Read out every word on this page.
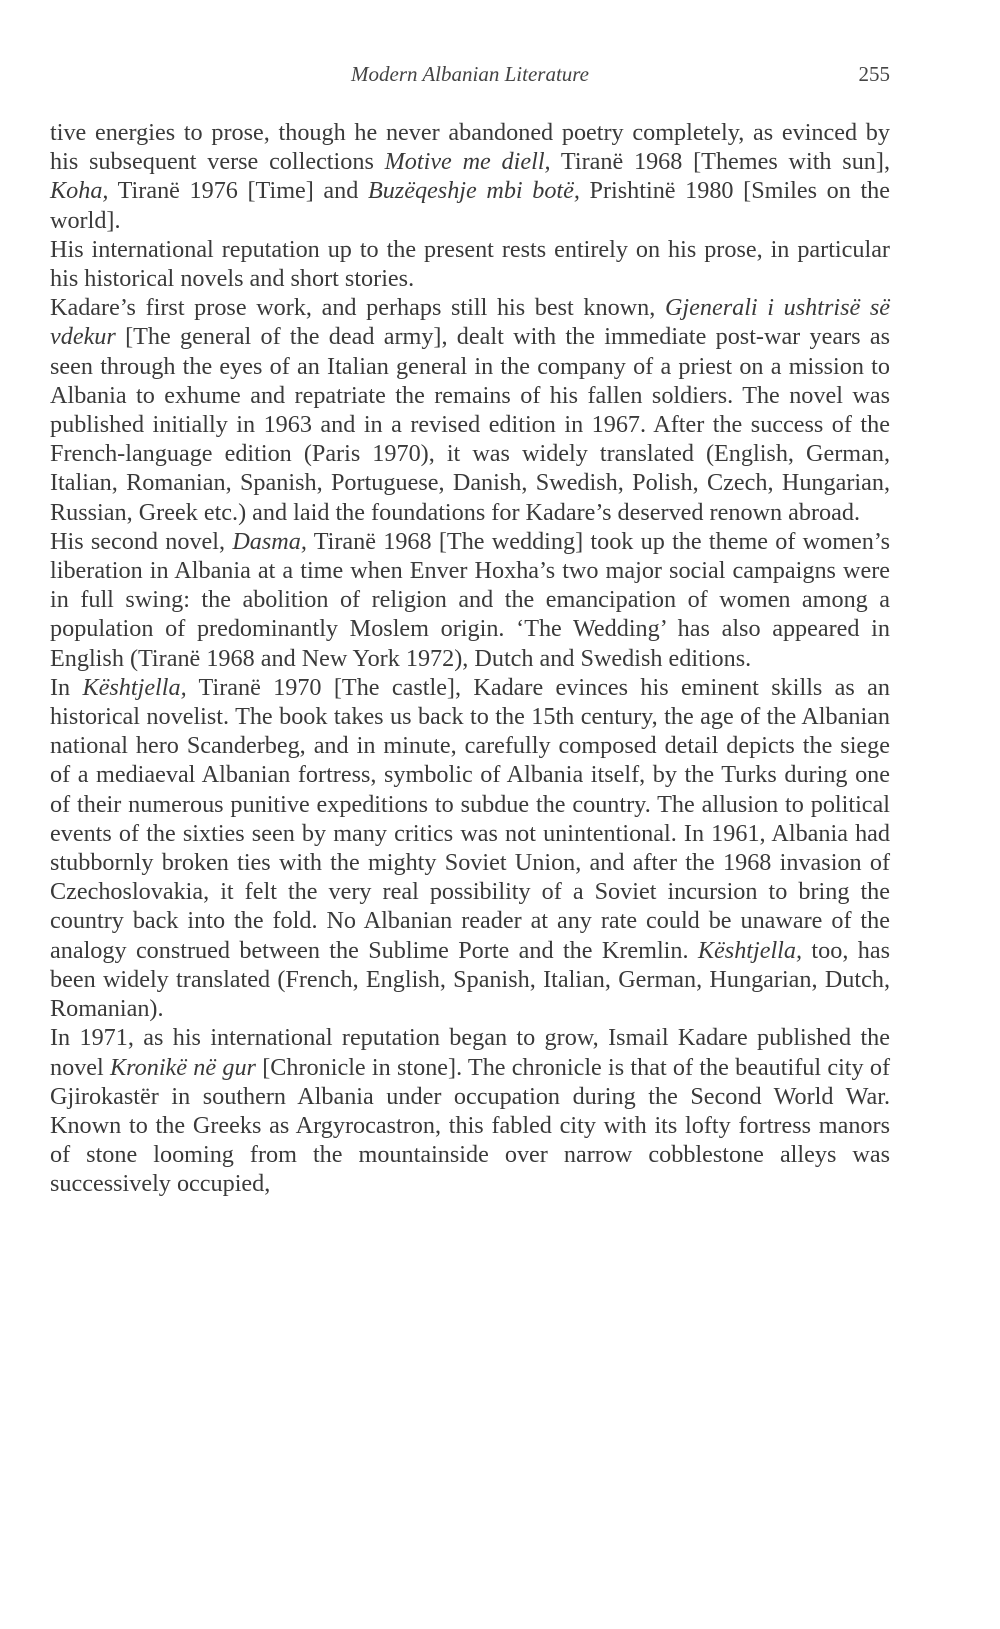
Modern Albanian Literature	255

tive energies to prose, though he never abandoned poetry completely, as evinced by his subsequent verse collections Motive me diell, Tiranë 1968 [Themes with sun], Koha, Tiranë 1976 [Time] and Buzëqeshje mbi botë, Prishtinë 1980 [Smiles on the world].

His international reputation up to the present rests entirely on his prose, in particular his historical novels and short stories.

Kadare’s first prose work, and perhaps still his best known, Gjenerali i ushtrisë së vdekur [The general of the dead army], dealt with the immediate post-war years as seen through the eyes of an Italian general in the company of a priest on a mission to Albania to exhume and repatriate the remains of his fallen soldiers. The novel was published initially in 1963 and in a revised edition in 1967. After the success of the French-language edition (Paris 1970), it was widely translated (English, German, Italian, Romanian, Spanish, Portuguese, Danish, Swedish, Polish, Czech, Hungarian, Russian, Greek etc.) and laid the foundations for Kadare’s deserved renown abroad.

His second novel, Dasma, Tiranë 1968 [The wedding] took up the theme of women’s liberation in Albania at a time when Enver Hoxha’s two major social campaigns were in full swing: the abolition of religion and the emancipation of women among a population of predominantly Moslem origin. ‘The Wedding’ has also appeared in English (Tiranë 1968 and New York 1972), Dutch and Swedish editions.

In Kështjella, Tiranë 1970 [The castle], Kadare evinces his eminent skills as an historical novelist. The book takes us back to the 15th century, the age of the Albanian national hero Scanderbeg, and in minute, carefully composed detail depicts the siege of a mediaeval Albanian fortress, symbolic of Albania itself, by the Turks during one of their numerous punitive expeditions to subdue the country. The allusion to political events of the sixties seen by many critics was not unintentional. In 1961, Albania had stubbornly broken ties with the mighty Soviet Union, and after the 1968 invasion of Czechoslovakia, it felt the very real possibility of a Soviet incursion to bring the country back into the fold. No Albanian reader at any rate could be unaware of the analogy construed between the Sublime Porte and the Kremlin. Kështjella, too, has been widely translated (French, English, Spanish, Italian, German, Hungarian, Dutch, Romanian).

In 1971, as his international reputation began to grow, Ismail Kadare published the novel Kronikë në gur [Chronicle in stone]. The chronicle is that of the beautiful city of Gjirokastër in southern Albania under occupation during the Second World War. Known to the Greeks as Argyrocastron, this fabled city with its lofty fortress manors of stone looming from the mountainside over narrow cobblestone alleys was successively occupied,
